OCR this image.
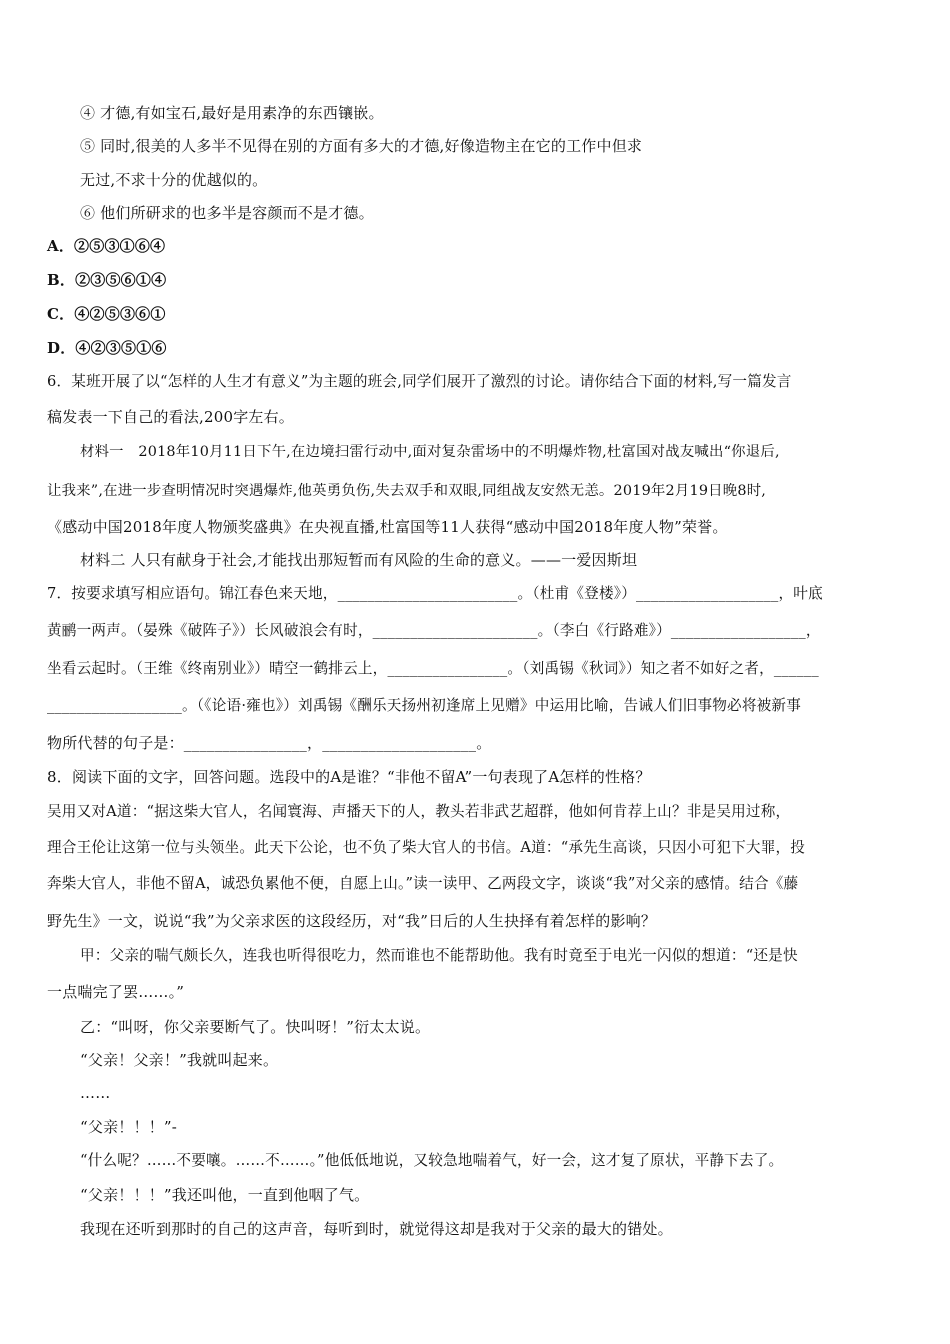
④ 才德,有如宝石,最好是用素净的东西镶嵌。
⑤ 同时,很美的人多半不见得在别的方面有多大的才德,好像造物主在它的工作中但求
无过,不求十分的优越似的。
⑥ 他们所研求的也多半是容颜而不是才德。
A．②⑤③①⑥④
B．②③⑤⑥①④
C．④②⑤③⑥①
D．④②③⑤①⑥
6．某班开展了以“怎样的人生才有意义”为主题的班会,同学们展开了激烈的讨论。请你结合下面的材料,写一篇发言
稿发表一下自己的看法,200字左右。
材料一　2018年10月11日下午,在边境扫雷行动中,面对复杂雷场中的不明爆炸物,杜富国对战友喊出“你退后,
让我来”,在进一步查明情况时突遇爆炸,他英勇负伤,失去双手和双眼,同组战友安然无恙。2019年2月19日晚8时,
《感动中国2018年度人物颁奖盛典》在央视直播,杜富国等11人获得“感动中国2018年度人物”荣誉。
材料二 人只有献身于社会,才能找出那短暂而有风险的生命的意义。——一爱因斯坦
7．按要求填写相应语句。锦江春色来天地，________________________。（杜甫《登楼》）___________________，叶底
黄鹂一两声。（晏殊《破阵子》）长风破浪会有时，______________________。（李白《行路难》）__________________，
坐看云起时。（王维《终南别业》）晴空一鹤排云上，________________。（刘禹锡《秋词》）知之者不如好之者，______
__________________。（《论语·雍也》）刘禹锡《酬乐天扬州初逢席上见赠》中运用比喻，告诫人们旧事物必将被新事
物所代替的句子是：________________，____________________。
8．阅读下面的文字，回答问题。选段中的A是谁？“非他不留A”一句表现了A怎样的性格？
吴用又对A道：“据这柴大官人，名闻寰海、声播天下的人，教头若非武艺超群，他如何肯荐上山？非是吴用过称，
理合王伦让这第一位与头领坐。此天下公论，也不负了柴大官人的书信。A道：“承先生高谈，只因小可犯下大罪，投
奔柴大官人，非他不留A，诚恐负累他不便，自愿上山。”读一读甲、乙两段文字，谈谈“我”对父亲的感情。结合《藤
野先生》一文，说说“我”为父亲求医的这段经历，对“我”日后的人生抉择有着怎样的影响？
甲：父亲的喘气颇长久，连我也听得很吃力，然而谁也不能帮助他。我有时竟至于电光一闪似的想道：“还是快
一点喘完了罢……。”
乙：“叫呀，你父亲要断气了。快叫呀！”衍太太说。
“父亲！父亲！”我就叫起来。
……
“父亲！！！”-
“什么呢？……不要嚷。……不……。”他低低地说，又较急地喘着气，好一会，这才复了原状，平静下去了。
“父亲！！！”我还叫他，一直到他咽了气。
我现在还听到那时的自己的这声音，每听到时，就觉得这却是我对于父亲的最大的错处。
